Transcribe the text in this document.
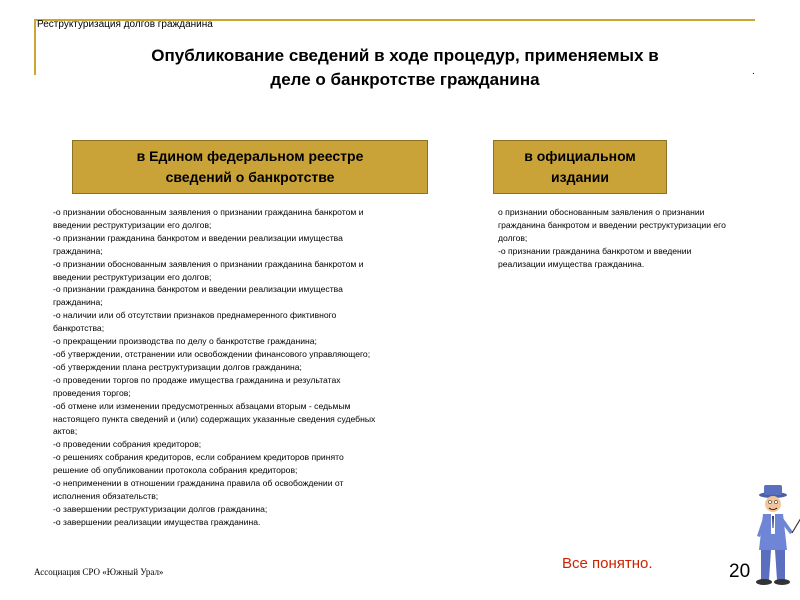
Реструктуризация долгов гражданина
Опубликование сведений в ходе процедур, применяемых в
деле о банкротстве гражданина	.
в Едином федеральном реестре
сведений о банкротстве
в официальном
издании
-о признании обоснованным заявления о признании гражданина банкротом и
введении реструктуризации его долгов;
-о признании гражданина банкротом и введении реализации имущества
гражданина;
-о признании обоснованным заявления о признании гражданина банкротом и
введении реструктуризации его долгов;
-о признании гражданина банкротом и введении реализации имущества
гражданина;
-о наличии или об отсутствии признаков преднамеренного фиктивного
банкротства;
-о прекращении производства по делу о банкротстве гражданина;
-об утверждении, отстранении или освобождении финансового управляющего;
-об утверждении плана реструктуризации долгов гражданина;
-о проведении торгов по продаже имущества гражданина и результатах
проведения торгов;
-об отмене или изменении предусмотренных абзацами вторым - седьмым
настоящего пункта сведений и (или) содержащих указанные сведения судебных
актов;
-о проведении собрания кредиторов;
-о решениях собрания кредиторов, если собранием кредиторов принято
решение об опубликовании протокола собрания кредиторов;
-о неприменении в отношении гражданина правила об освобождении от
исполнения обязательств;
-о завершении реструктуризации долгов гражданина;
-о завершении реализации имущества гражданина.
о признании обоснованным заявления о признании
гражданина банкротом и введении реструктуризации его
долгов;
-о признании гражданина банкротом и введении
реализации имущества гражданина.
Ассоциация СРО «Южный Урал»	Все понятно.	20
